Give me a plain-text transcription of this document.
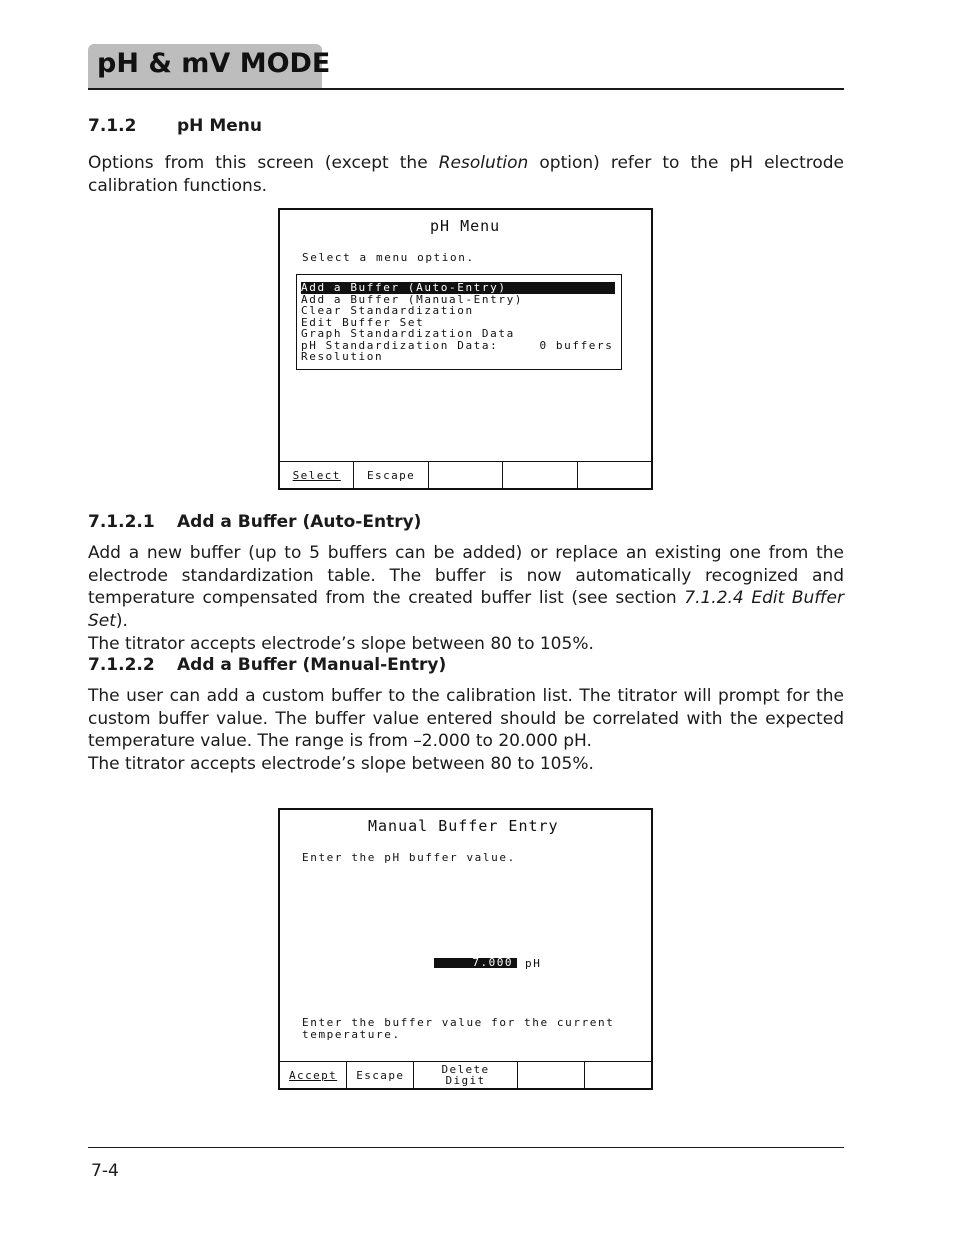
pH & mV MODE
7.1.2 pH Menu
Options from this screen (except the Resolution option) refer to the pH electrode calibration functions.
pH Menu
Select a menu option.
Add a Buffer (Auto-Entry)
Add a Buffer (Manual-Entry)
Clear Standardization
Edit Buffer Set
Graph Standardization Data
pH Standardization Data:     0 buffers
Resolution
Select	Escape
7.1.2.1 Add a Buffer (Auto-Entry)

Add a new buffer (up to 5 buffers can be added) or replace an existing one from the electrode standardization table. The buffer is now automatically recognized and temperature compensated from the created buffer list (see section 7.1.2.4 Edit Buffer Set).

The titrator accepts electrode’s slope between 80 to 105%.

7.1.2.2 Add a Buffer (Manual-Entry)

The user can add a custom buffer to the calibration list. The titrator will prompt for the custom buffer value. The buffer value entered should be correlated with the expected temperature value. The range is from –2.000 to 20.000 pH.

The titrator accepts electrode’s slope between 80 to 105%.

Manual Buffer Entry
Enter the pH buffer value.
7.000	pH
Enter the buffer value for the current
temperature.
Accept	Escape	Delete Digit
7-4
